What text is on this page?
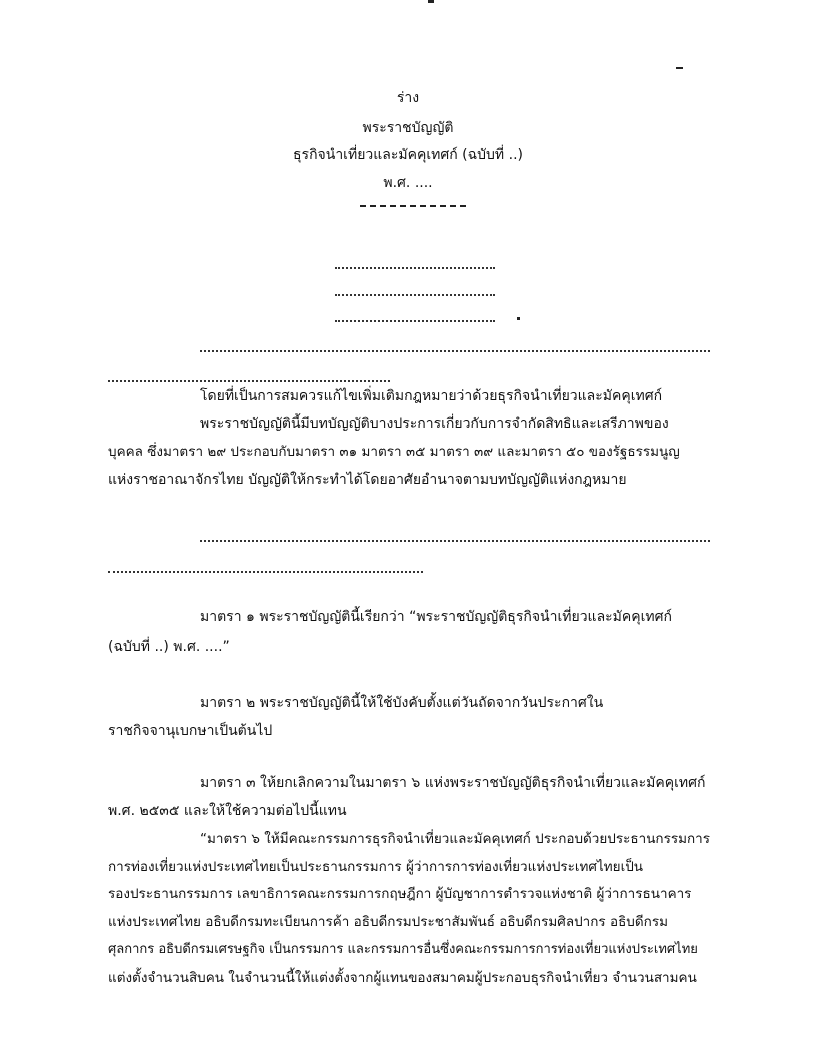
ร่าง
พระราชบัญญัติ
ธุรกิจนำเที่ยวและมัคคุเทศก์ (ฉบับที่ ..)
พ.ศ. ....
โดยที่เป็นการสมควรแก้ไขเพิ่มเติมกฎหมายว่าด้วยธุรกิจนำเที่ยวและมัคคุเทศก์
พระราชบัญญัตินี้มีบทบัญญัติบางประการเกี่ยวกับการจำกัดสิทธิและเสรีภาพของ
บุคคล ซึ่งมาตรา ๒๙ ประกอบกับมาตรา ๓๑ มาตรา ๓๕ มาตรา ๓๙ และมาตรา ๕๐ ของรัฐธรรมนูญ
แห่งราชอาณาจักรไทย บัญญัติให้กระทำได้โดยอาศัยอำนาจตามบทบัญญัติแห่งกฎหมาย
มาตรา ๑ พระราชบัญญัตินี้เรียกว่า “พระราชบัญญัติธุรกิจนำเที่ยวและมัคคุเทศก์
(ฉบับที่ ..) พ.ศ. ....”
มาตรา ๒ พระราชบัญญัตินี้ให้ใช้บังคับตั้งแต่วันถัดจากวันประกาศใน
ราชกิจจานุเบกษาเป็นต้นไป
มาตรา ๓ ให้ยกเลิกความในมาตรา ๖ แห่งพระราชบัญญัติธุรกิจนำเที่ยวและมัคคุเทศก์
พ.ศ. ๒๕๓๕ และให้ใช้ความต่อไปนี้แทน
“มาตรา ๖ ให้มีคณะกรรมการธุรกิจนำเที่ยวและมัคคุเทศก์ ประกอบด้วยประธานกรรมการ
การท่องเที่ยวแห่งประเทศไทยเป็นประธานกรรมการ ผู้ว่าการการท่องเที่ยวแห่งประเทศไทยเป็น
รองประธานกรรมการ เลขาธิการคณะกรรมการกฤษฎีกา ผู้บัญชาการตำรวจแห่งชาติ ผู้ว่าการธนาคาร
แห่งประเทศไทย อธิบดีกรมทะเบียนการค้า อธิบดีกรมประชาสัมพันธ์ อธิบดีกรมศิลปากร อธิบดีกรม
ศุลกากร อธิบดีกรมเศรษฐกิจ เป็นกรรมการ และกรรมการอื่นซึ่งคณะกรรมการการท่องเที่ยวแห่งประเทศไทย
แต่งตั้งจำนวนสิบคน ในจำนวนนี้ให้แต่งตั้งจากผู้แทนของสมาคมผู้ประกอบธุรกิจนำเที่ยว จำนวนสามคน
